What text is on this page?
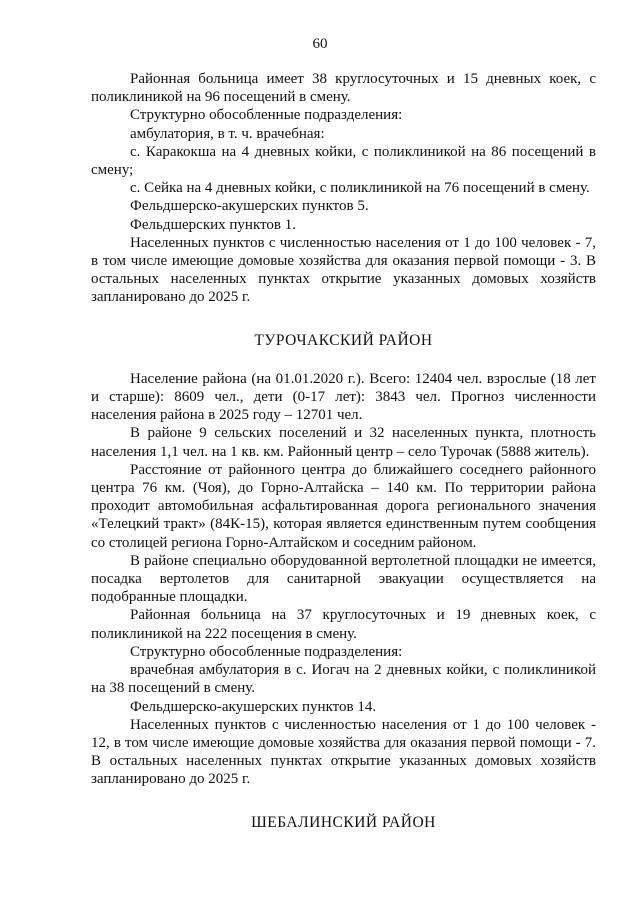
60

Районная больница имеет 38 круглосуточных и 15 дневных коек, с поликлиникой на 96 посещений в смену.

Структурно обособленные подразделения:

амбулатория, в т. ч. врачебная:

с. Каракокша на 4 дневных койки, с поликлиникой на 86 посещений в смену;

с. Сейка на 4 дневных койки, с поликлиникой на 76 посещений в смену.

Фельдшерско-акушерских пунктов 5.

Фельдшерских пунктов 1.

Населенных пунктов с численностью населения от 1 до 100 человек - 7, в том числе имеющие домовые хозяйства для оказания первой помощи - 3. В остальных населенных пунктах открытие указанных домовых хозяйств запланировано до 2025 г.

ТУРОЧАКСКИЙ РАЙОН

Население района (на 01.01.2020 г.). Всего: 12404 чел. взрослые (18 лет и старше): 8609 чел., дети (0-17 лет): 3843 чел. Прогноз численности населения района в 2025 году – 12701 чел.

В районе 9 сельских поселений и 32 населенных пункта, плотность населения 1,1 чел. на 1 кв. км. Районный центр – село Турочак (5888 житель).

Расстояние от районного центра до ближайшего соседнего районного центра 76 км. (Чоя), до Горно-Алтайска – 140 км. По территории района проходит автомобильная асфальтированная дорога регионального значения «Телецкий тракт» (84К-15), которая является единственным путем сообщения со столицей региона Горно-Алтайском и соседним районом.

В районе специально оборудованной вертолетной площадки не имеется, посадка вертолетов для санитарной эвакуации осуществляется на подобранные площадки.

Районная больница на 37 круглосуточных и 19 дневных коек, с поликлиникой на 222 посещения в смену.

Структурно обособленные подразделения:

врачебная амбулатория в с. Иогач на 2 дневных койки, с поликлиникой на 38 посещений в смену.

Фельдшерско-акушерских пунктов 14.

Населенных пунктов с численностью населения от 1 до 100 человек - 12, в том числе имеющие домовые хозяйства для оказания первой помощи - 7. В остальных населенных пунктах открытие указанных домовых хозяйств запланировано до 2025 г.

ШЕБАЛИНСКИЙ РАЙОН
